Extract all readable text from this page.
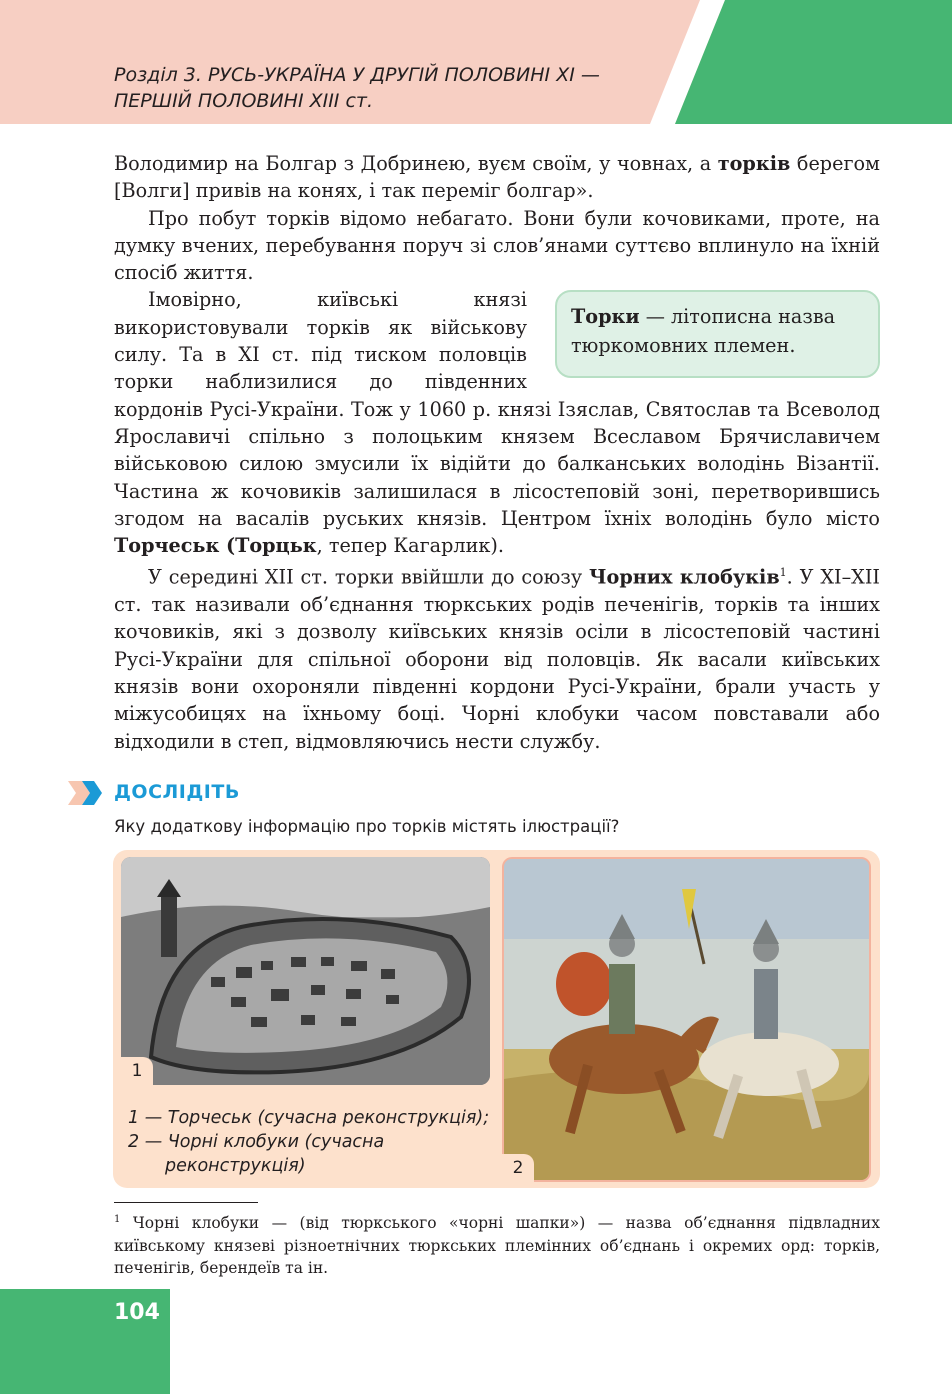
Розділ 3. РУСЬ-УКРАЇНА У ДРУГІЙ ПОЛОВИНІ XI —
ПЕРШІЙ ПОЛОВИНІ XIII ст.

Володимир на Болгар з Добринею, вуєм своїм, у човнах, а торків берегом [Волги] привів на конях, і так переміг болгар».

Про побут торків відомо небагато. Вони були кочовиками, проте, на думку вчених, перебування поруч зі слов’янами суттєво вплинуло на їхній спосіб життя.

Торки — літописна назва тюркомовних племен.

Імовірно, київські князі використовували торків як військову силу. Та в XI ст. під тиском половців торки наблизилися до південних кордонів Русі-України. Тож у 1060 р. князі Ізяслав, Святослав та Всеволод Ярославичі спільно з полоцьким князем Всеславом Брячиславичем військовою силою змусили їх відійти до балканських володінь Візантії. Частина ж кочовиків залишилася в лісостеповій зоні, перетворившись згодом на васалів руських князів. Центром їхніх володінь було місто Торчеськ (Торцьк, тепер Кагарлик).

У середині XII ст. торки ввійшли до союзу Чорних клобуків$^1$. У XI–XII ст. так називали об’єднання тюркських родів печенігів, торків та інших кочовиків, які з дозволу київських князів осіли в лісостеповій частині Русі-України для спільної оборони від половців. Як васали київських князів вони охороняли південні кордони Русі-України, брали участь у міжусобицях на їхньому боці. Чорні клобуки часом повставали або відходили в степ, відмовляючись нести службу.

ДОСЛІДІТЬ
Яку додаткову інформацію про торків містять ілюстрації?
1
2
1 — Торчеськ (сучасна реконструкція);
2 — Чорні клобуки (сучасна
реконструкція)
$^1$ Чорні клобуки — (від тюркського «чорні шапки») — назва об’єднання підвладних київському князеві різноетнічних тюркських племінних об’єднань і окремих орд: торків, печенігів, берендеїв та ін.
104
